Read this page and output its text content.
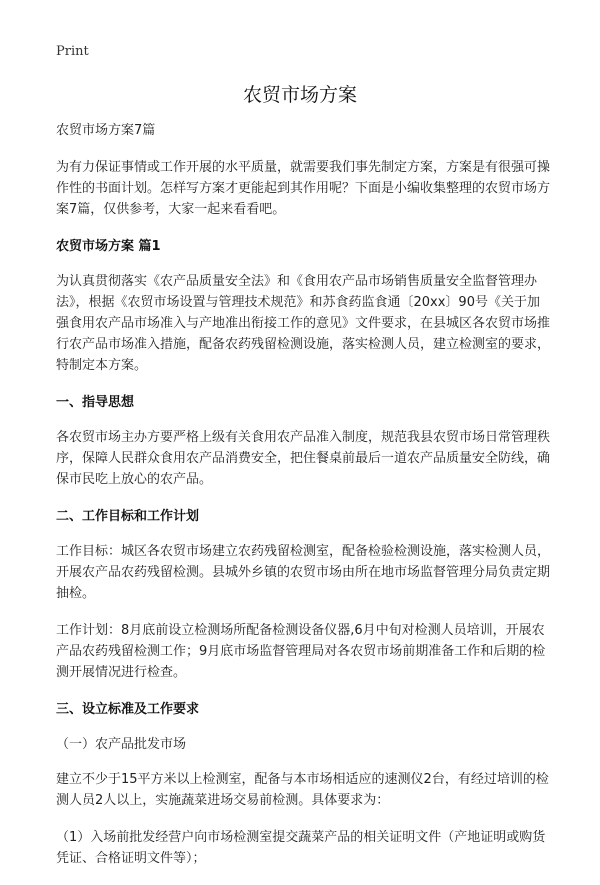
Print
农贸市场方案

农贸市场方案7篇

为有力保证事情或工作开展的水平质量，就需要我们事先制定方案，方案是有很强可操作性的书面计划。怎样写方案才更能起到其作用呢？下面是小编收集整理的农贸市场方案7篇，仅供参考，大家一起来看看吧。

农贸市场方案 篇1

为认真贯彻落实《农产品质量安全法》和《食用农产品市场销售质量安全监督管理办法》，根据《农贸市场设置与管理技术规范》和苏食药监食通〔20xx〕90号《关于加强食用农产品市场准入与产地准出衔接工作的意见》文件要求，在县城区各农贸市场推行农产品市场准入措施，配备农药残留检测设施，落实检测人员，建立检测室的要求，特制定本方案。

一、指导思想

各农贸市场主办方要严格上级有关食用农产品准入制度，规范我县农贸市场日常管理秩序，保障人民群众食用农产品消费安全，把住餐桌前最后一道农产品质量安全防线，确保市民吃上放心的农产品。

二、工作目标和工作计划

工作目标：城区各农贸市场建立农药残留检测室，配备检验检测设施，落实检测人员，开展农产品农药残留检测。县城外乡镇的农贸市场由所在地市场监督管理分局负责定期抽检。

工作计划：8月底前设立检测场所配备检测设备仪器,6月中旬对检测人员培训，开展农产品农药残留检测工作；9月底市场监督管理局对各农贸市场前期准备工作和后期的检测开展情况进行检查。

三、设立标准及工作要求

（一）农产品批发市场

建立不少于15平方米以上检测室，配备与本市场相适应的速测仪2台，有经过培训的检测人员2人以上，实施蔬菜进场交易前检测。具体要求为：

（1）入场前批发经营户向市场检测室提交蔬菜产品的相关证明文件（产地证明或购货凭证、合格证明文件等）；
